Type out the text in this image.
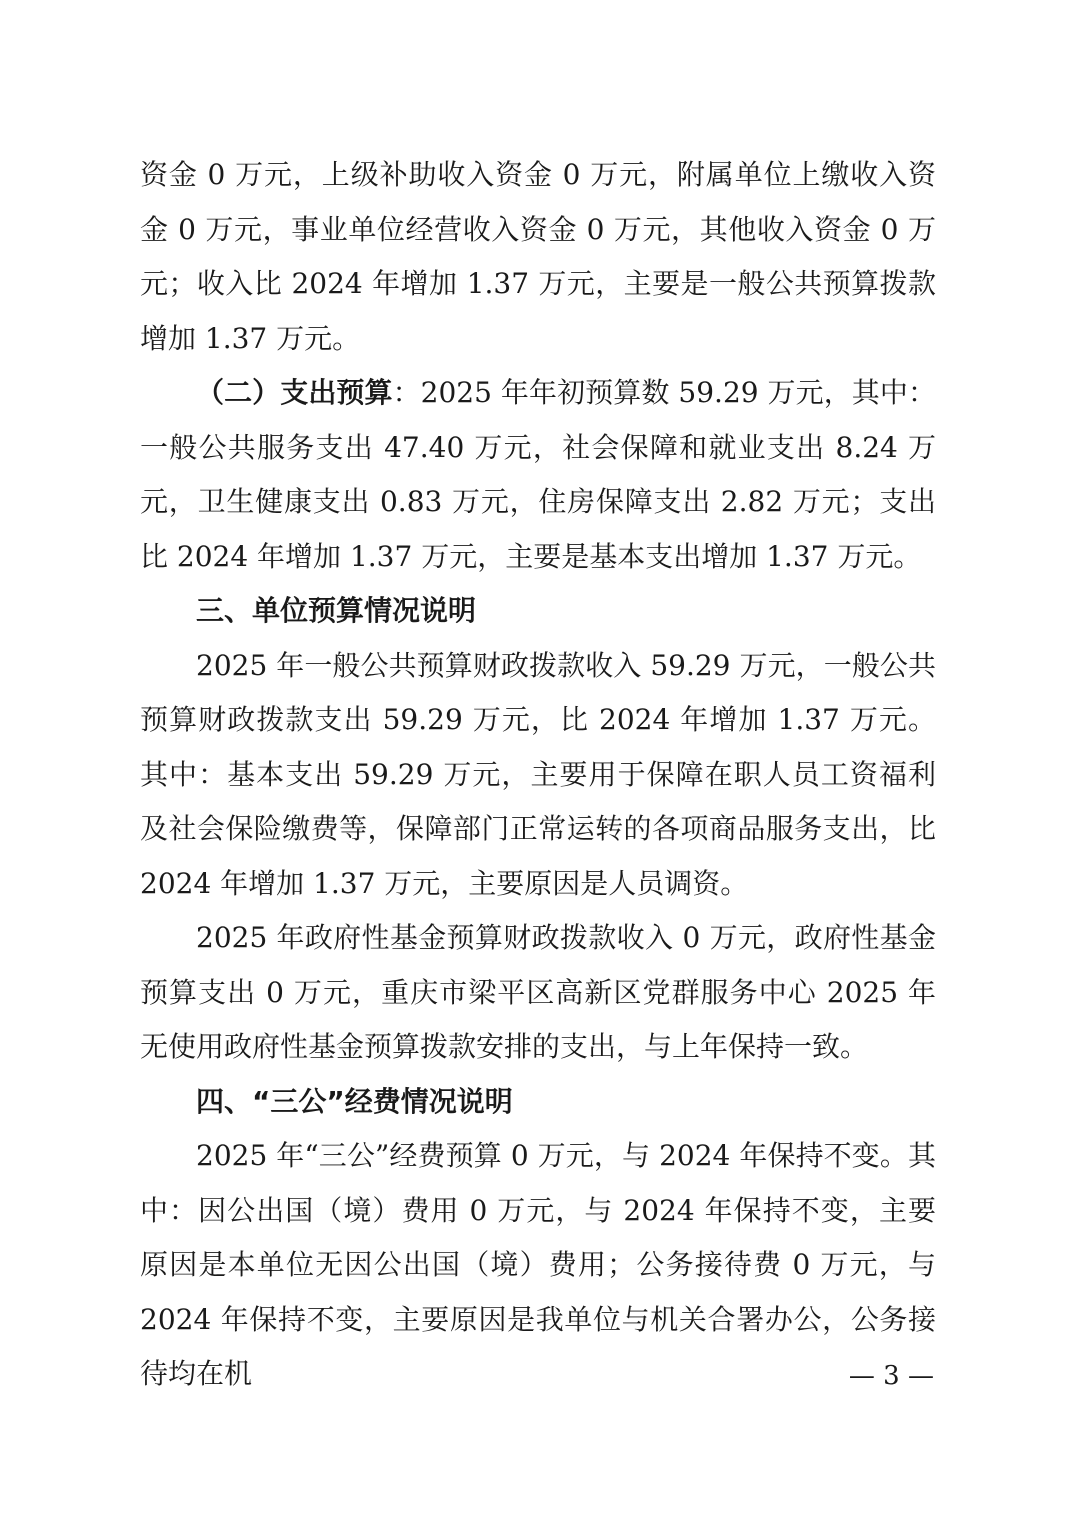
资金 0 万元，上级补助收入资金 0 万元，附属单位上缴收入资金 0 万元，事业单位经营收入资金 0 万元，其他收入资金 0 万元；收入比 2024 年增加 1.37 万元，主要是一般公共预算拨款增加 1.37 万元。

（二）支出预算：2025 年年初预算数 59.29 万元，其中：一般公共服务支出 47.40 万元，社会保障和就业支出 8.24 万元，卫生健康支出 0.83 万元，住房保障支出 2.82 万元；支出比 2024 年增加 1.37 万元，主要是基本支出增加 1.37 万元。

三、单位预算情况说明

2025 年一般公共预算财政拨款收入 59.29 万元，一般公共预算财政拨款支出 59.29 万元，比 2024 年增加 1.37 万元。其中：基本支出 59.29 万元，主要用于保障在职人员工资福利及社会保险缴费等，保障部门正常运转的各项商品服务支出，比 2024 年增加 1.37 万元，主要原因是人员调资。

2025 年政府性基金预算财政拨款收入 0 万元，政府性基金预算支出 0 万元，重庆市梁平区高新区党群服务中心 2025 年无使用政府性基金预算拨款安排的支出，与上年保持一致。

四、“三公”经费情况说明

2025 年“三公”经费预算 0 万元，与 2024 年保持不变。其中：因公出国（境）费用 0 万元，与 2024 年保持不变，主要原因是本单位无因公出国（境）费用；公务接待费 0 万元，与 2024 年保持不变，主要原因是我单位与机关合署办公，公务接待均在机	— 3 —
